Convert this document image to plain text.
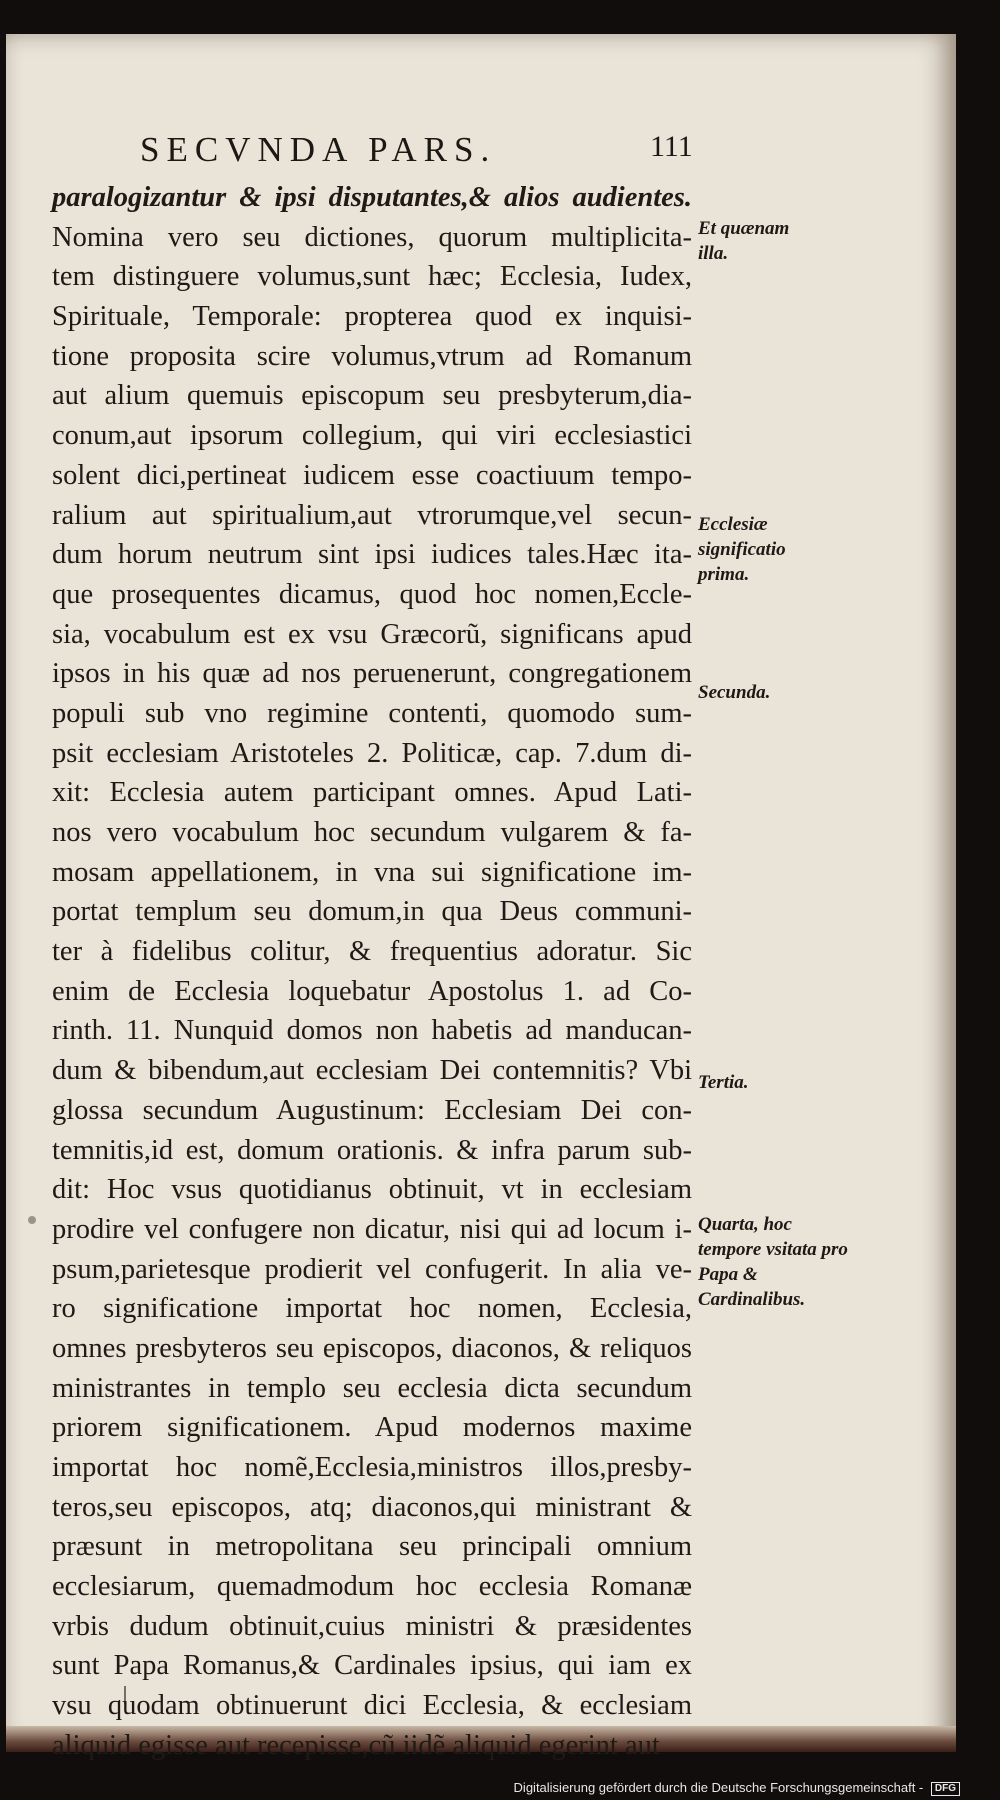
SECVNDA PARS.	111
paralogizantur & ipsi disputantes,& alios audientes.
Nomina vero seu dictiones, quorum multiplicita-
tem distinguere volumus,sunt hæc; Ecclesia, Iudex,
Spirituale, Temporale: propterea quod ex inquisi-
tione proposita scire volumus,vtrum ad Romanum
aut alium quemuis episcopum seu presbyterum,dia-
conum,aut ipsorum collegium, qui viri ecclesiastici
solent dici,pertineat iudicem esse coactiuum tempo-
ralium aut spiritualium,aut vtrorumque,vel secun-
dum horum neutrum sint ipsi iudices tales.Hæc ita-
que prosequentes dicamus, quod hoc nomen,Eccle-
sia, vocabulum est ex vsu Græcorũ, significans apud
ipsos in his quæ ad nos peruenerunt, congregationem
populi sub vno regimine contenti, quomodo sum-
psit ecclesiam Aristoteles 2. Politicæ, cap. 7.dum di-
xit: Ecclesia autem participant omnes. Apud Lati-
nos vero vocabulum hoc secundum vulgarem & fa-
mosam appellationem, in vna sui significatione im-
portat templum seu domum,in qua Deus communi-
ter à fidelibus colitur, & frequentius adoratur. Sic
enim de Ecclesia loquebatur Apostolus 1. ad Co-
rinth. 11. Nunquid domos non habetis ad manducan-
dum & bibendum,aut ecclesiam Dei contemnitis? Vbi
glossa secundum Augustinum: Ecclesiam Dei con-
temnitis,id est, domum orationis. & infra parum sub-
dit: Hoc vsus quotidianus obtinuit, vt in ecclesiam
prodire vel confugere non dicatur, nisi qui ad locum i-
psum,parietesque prodierit vel confugerit. In alia ve-
ro significatione importat hoc nomen, Ecclesia,
omnes presbyteros seu episcopos, diaconos, & reliquos
ministrantes in templo seu ecclesia dicta secundum
priorem significationem. Apud modernos maxime
importat hoc nomẽ,Ecclesia,ministros illos,presby-
teros,seu episcopos, atq; diaconos,qui ministrant &
præsunt in metropolitana seu principali omnium
ecclesiarum, quemadmodum hoc ecclesia Romanæ
vrbis dudum obtinuit,cuius ministri & præsidentes
sunt Papa Romanus,& Cardinales ipsius, qui iam ex
vsu quodam obtinuerunt dici Ecclesia, & ecclesiam
aliquid egisse aut recepisse,cũ iidẽ aliquid egerint aut
Et quænam illa.
Ecclesiæ significatio prima.
Secunda.
Tertia.
Quarta, hoc tempore vsitata pro Papa & Cardinalibus.
Digitalisierung gefördert durch die Deutsche Forschungsgemeinschaft - DFG
